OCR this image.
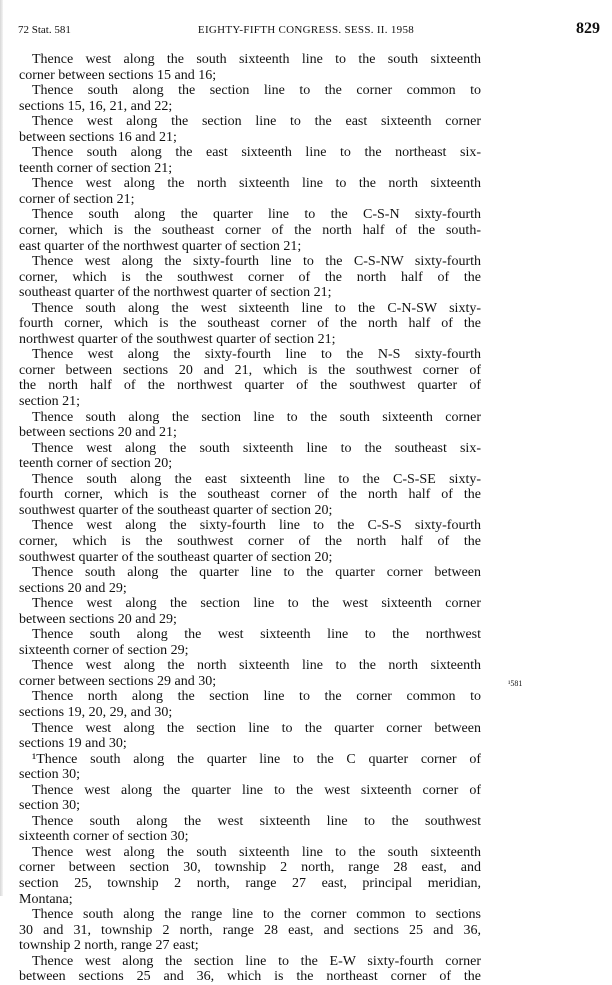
72 Stat. 581	EIGHTY-FIFTH CONGRESS. SESS. II. 1958	829
Thence west along the south sixteenth line to the south sixteenth
corner between sections 15 and 16;
Thence south along the section line to the corner common to
sections 15, 16, 21, and 22;
Thence west along the section line to the east sixteenth corner
between sections 16 and 21;
Thence south along the east sixteenth line to the northeast six-
teenth corner of section 21;
Thence west along the north sixteenth line to the north sixteenth
corner of section 21;
Thence south along the quarter line to the C-S-N sixty-fourth
corner, which is the southeast corner of the north half of the south-
east quarter of the northwest quarter of section 21;
Thence west along the sixty-fourth line to the C-S-NW sixty-fourth
corner, which is the southwest corner of the north half of the
southeast quarter of the northwest quarter of section 21;
Thence south along the west sixteenth line to the C-N-SW sixty-
fourth corner, which is the southeast corner of the north half of the
northwest quarter of the southwest quarter of section 21;
Thence west along the sixty-fourth line to the N-S sixty-fourth
corner between sections 20 and 21, which is the southwest corner of
the north half of the northwest quarter of the southwest quarter of
section 21;
Thence south along the section line to the south sixteenth corner
between sections 20 and 21;
Thence west along the south sixteenth line to the southeast six-
teenth corner of section 20;
Thence south along the east sixteenth line to the C-S-SE sixty-
fourth corner, which is the southeast corner of the north half of the
southwest quarter of the southeast quarter of section 20;
Thence west along the sixty-fourth line to the C-S-S sixty-fourth
corner, which is the southwest corner of the north half of the
southwest quarter of the southeast quarter of section 20;
Thence south along the quarter line to the quarter corner between
sections 20 and 29;
Thence west along the section line to the west sixteenth corner
between sections 20 and 29;
Thence south along the west sixteenth line to the northwest
sixteenth corner of section 29;
Thence west along the north sixteenth line to the north sixteenth
corner between sections 29 and 30;
Thence north along the section line to the corner common to
sections 19, 20, 29, and 30;
Thence west along the section line to the quarter corner between
sections 19 and 30;
¹Thence south along the quarter line to the C quarter corner of
section 30;
Thence west along the quarter line to the west sixteenth corner of
section 30;
Thence south along the west sixteenth line to the southwest
sixteenth corner of section 30;
Thence west along the south sixteenth line to the south sixteenth
corner between section 30, township 2 north, range 28 east, and
section 25, township 2 north, range 27 east, principal meridian,
Montana;
Thence south along the range line to the corner common to sections
30 and 31, township 2 north, range 28 east, and sections 25 and 36,
township 2 north, range 27 east;
Thence west along the section line to the E-W sixty-fourth corner
between sections 25 and 36, which is the northeast corner of the
¹581
